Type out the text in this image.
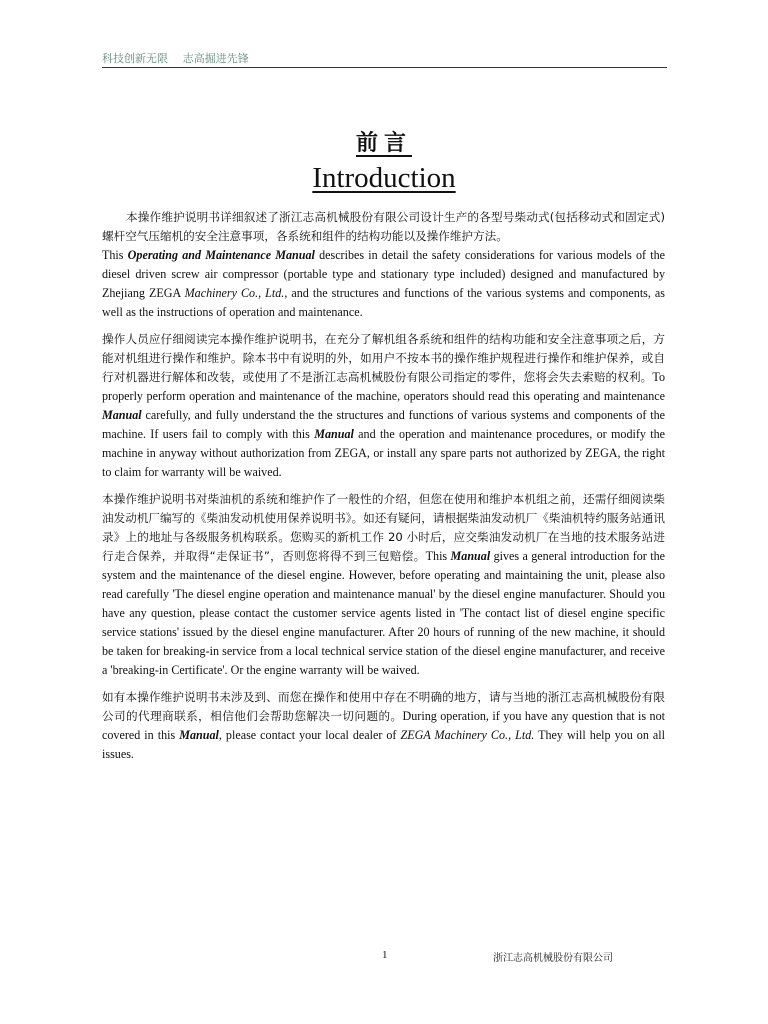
科技创新无限 志高掘进先锋
前言
Introduction

本操作维护说明书详细叙述了浙江志高机械股份有限公司设计生产的各型号柴动式(包括移动式和固定式)螺杆空气压缩机的安全注意事项，各系统和组件的结构功能以及操作维护方法。
This Operating and Maintenance Manual describes in detail the safety considerations for various models of the diesel driven screw air compressor (portable type and stationary type included) designed and manufactured by Zhejiang ZEGA Machinery Co., Ltd., and the structures and functions of the various systems and components, as well as the instructions of operation and maintenance.

操作人员应仔细阅读完本操作维护说明书，在充分了解机组各系统和组件的结构功能和安全注意事项之后，方能对机组进行操作和维护。除本书中有说明的外，如用户不按本书的操作维护规程进行操作和维护保养，或自行对机器进行解体和改装，或使用了不是浙江志高机械股份有限公司指定的零件，您将会失去索赔的权利。To properly perform operation and maintenance of the machine, operators should read this operating and maintenance Manual carefully, and fully understand the the structures and functions of various systems and components of the machine. If users fail to comply with this Manual and the operation and maintenance procedures, or modify the machine in anyway without authorization from ZEGA, or install any spare parts not authorized by ZEGA, the right to claim for warranty will be waived.

本操作维护说明书对柴油机的系统和维护作了一般性的介绍，但您在使用和维护本机组之前，还需仔细阅读柴油发动机厂编写的《柴油发动机使用保养说明书》。如还有疑问，请根据柴油发动机厂《柴油机特约服务站通讯录》上的地址与各级服务机构联系。您购买的新机工作 20 小时后，应交柴油发动机厂在当地的技术服务站进行走合保养，并取得“走保证书”，否则您将得不到三包赔偿。This Manual gives a general introduction for the system and the maintenance of the diesel engine. However, before operating and maintaining the unit, please also read carefully 'The diesel engine operation and maintenance manual' by the diesel engine manufacturer. Should you have any question, please contact the customer service agents listed in 'The contact list of diesel engine specific service stations' issued by the diesel engine manufacturer. After 20 hours of running of the new machine, it should be taken for breaking-in service from a local technical service station of the diesel engine manufacturer, and receive a 'breaking-in Certificate'. Or the engine warranty will be waived.

如有本操作维护说明书未涉及到、而您在操作和使用中存在不明确的地方，请与当地的浙江志高机械股份有限公司的代理商联系，相信他们会帮助您解决一切问题的。During operation, if you have any question that is not covered in this Manual, please contact your local dealer of ZEGA Machinery Co., Ltd. They will help you on all issues.

1	浙江志高机械股份有限公司
